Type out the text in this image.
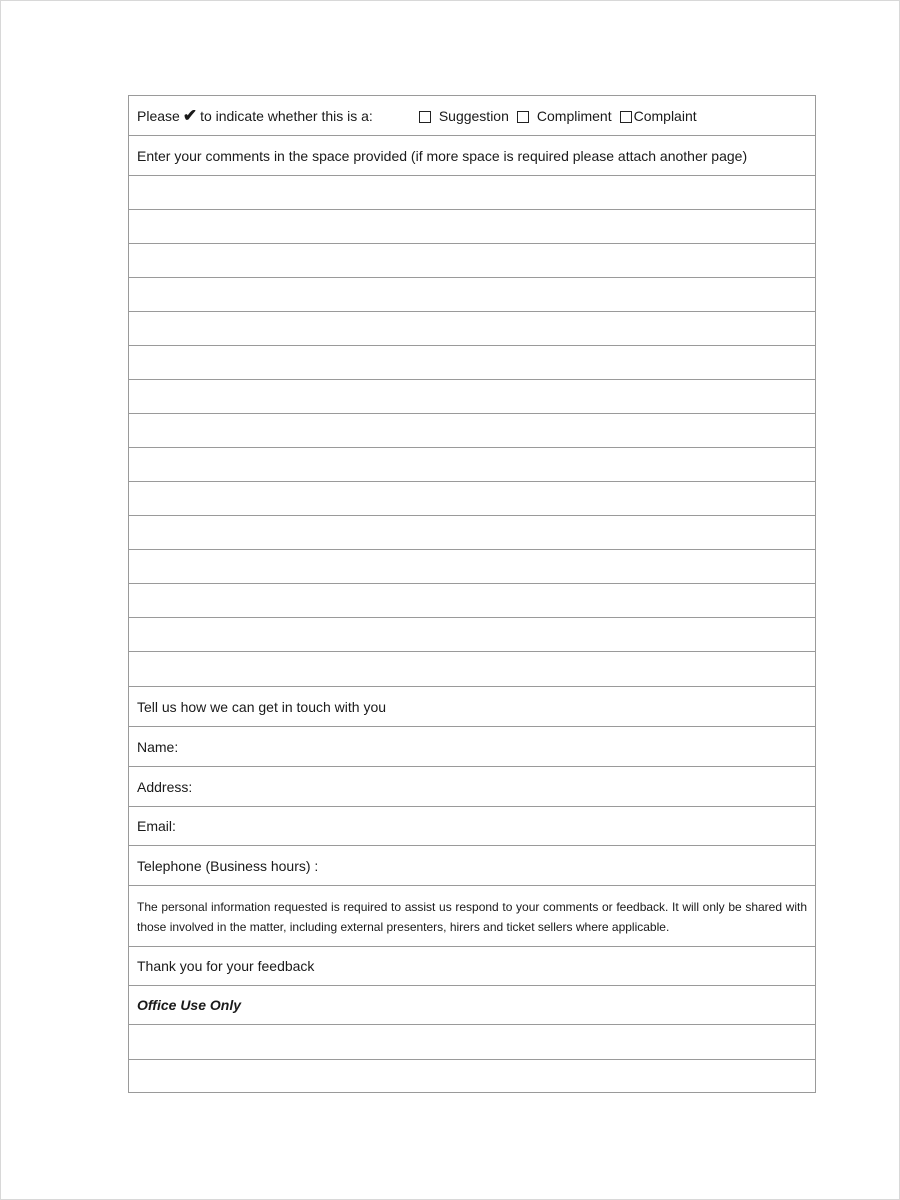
Please ✔ to indicate whether this is a:	Suggestion Compliment Complaint
Enter your comments in the space provided (if more space is required please attach another page)
Tell us how we can get in touch with you
Name:
Address:
Email:
Telephone (Business hours) :
The personal information requested is required to assist us respond to your comments or feedback. It will only be shared with those involved in the matter, including external presenters, hirers and ticket sellers where applicable.
Thank you for your feedback
Office Use Only
